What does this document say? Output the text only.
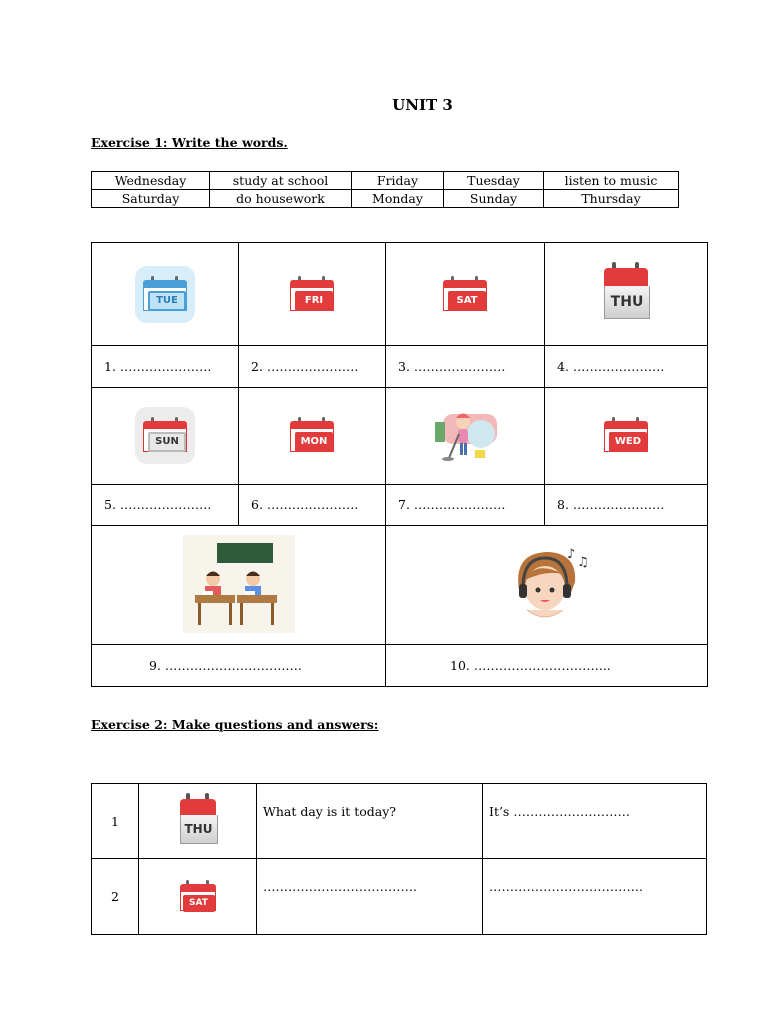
UNIT 3
Exercise 1: Write the words.
Wednesday	study at school	Friday	Tuesday	listen to music
Saturday	do housework	Monday	Sunday	Thursday
TUE	FRI	SAT	THU

1. ………………….	2. ………………….	3. ………………….	4. ………………….

SUN	MON		WED

5. ………………….	6. ………………….	7. ………………….	8. ………………….

♪
♫	

9. ………………………..….		10. …………………………...	
Exercise 2: Make questions and answers:
1	THU	What day is it today?	It’s ……………………….
2	SAT	……………………………….	……………………………….
